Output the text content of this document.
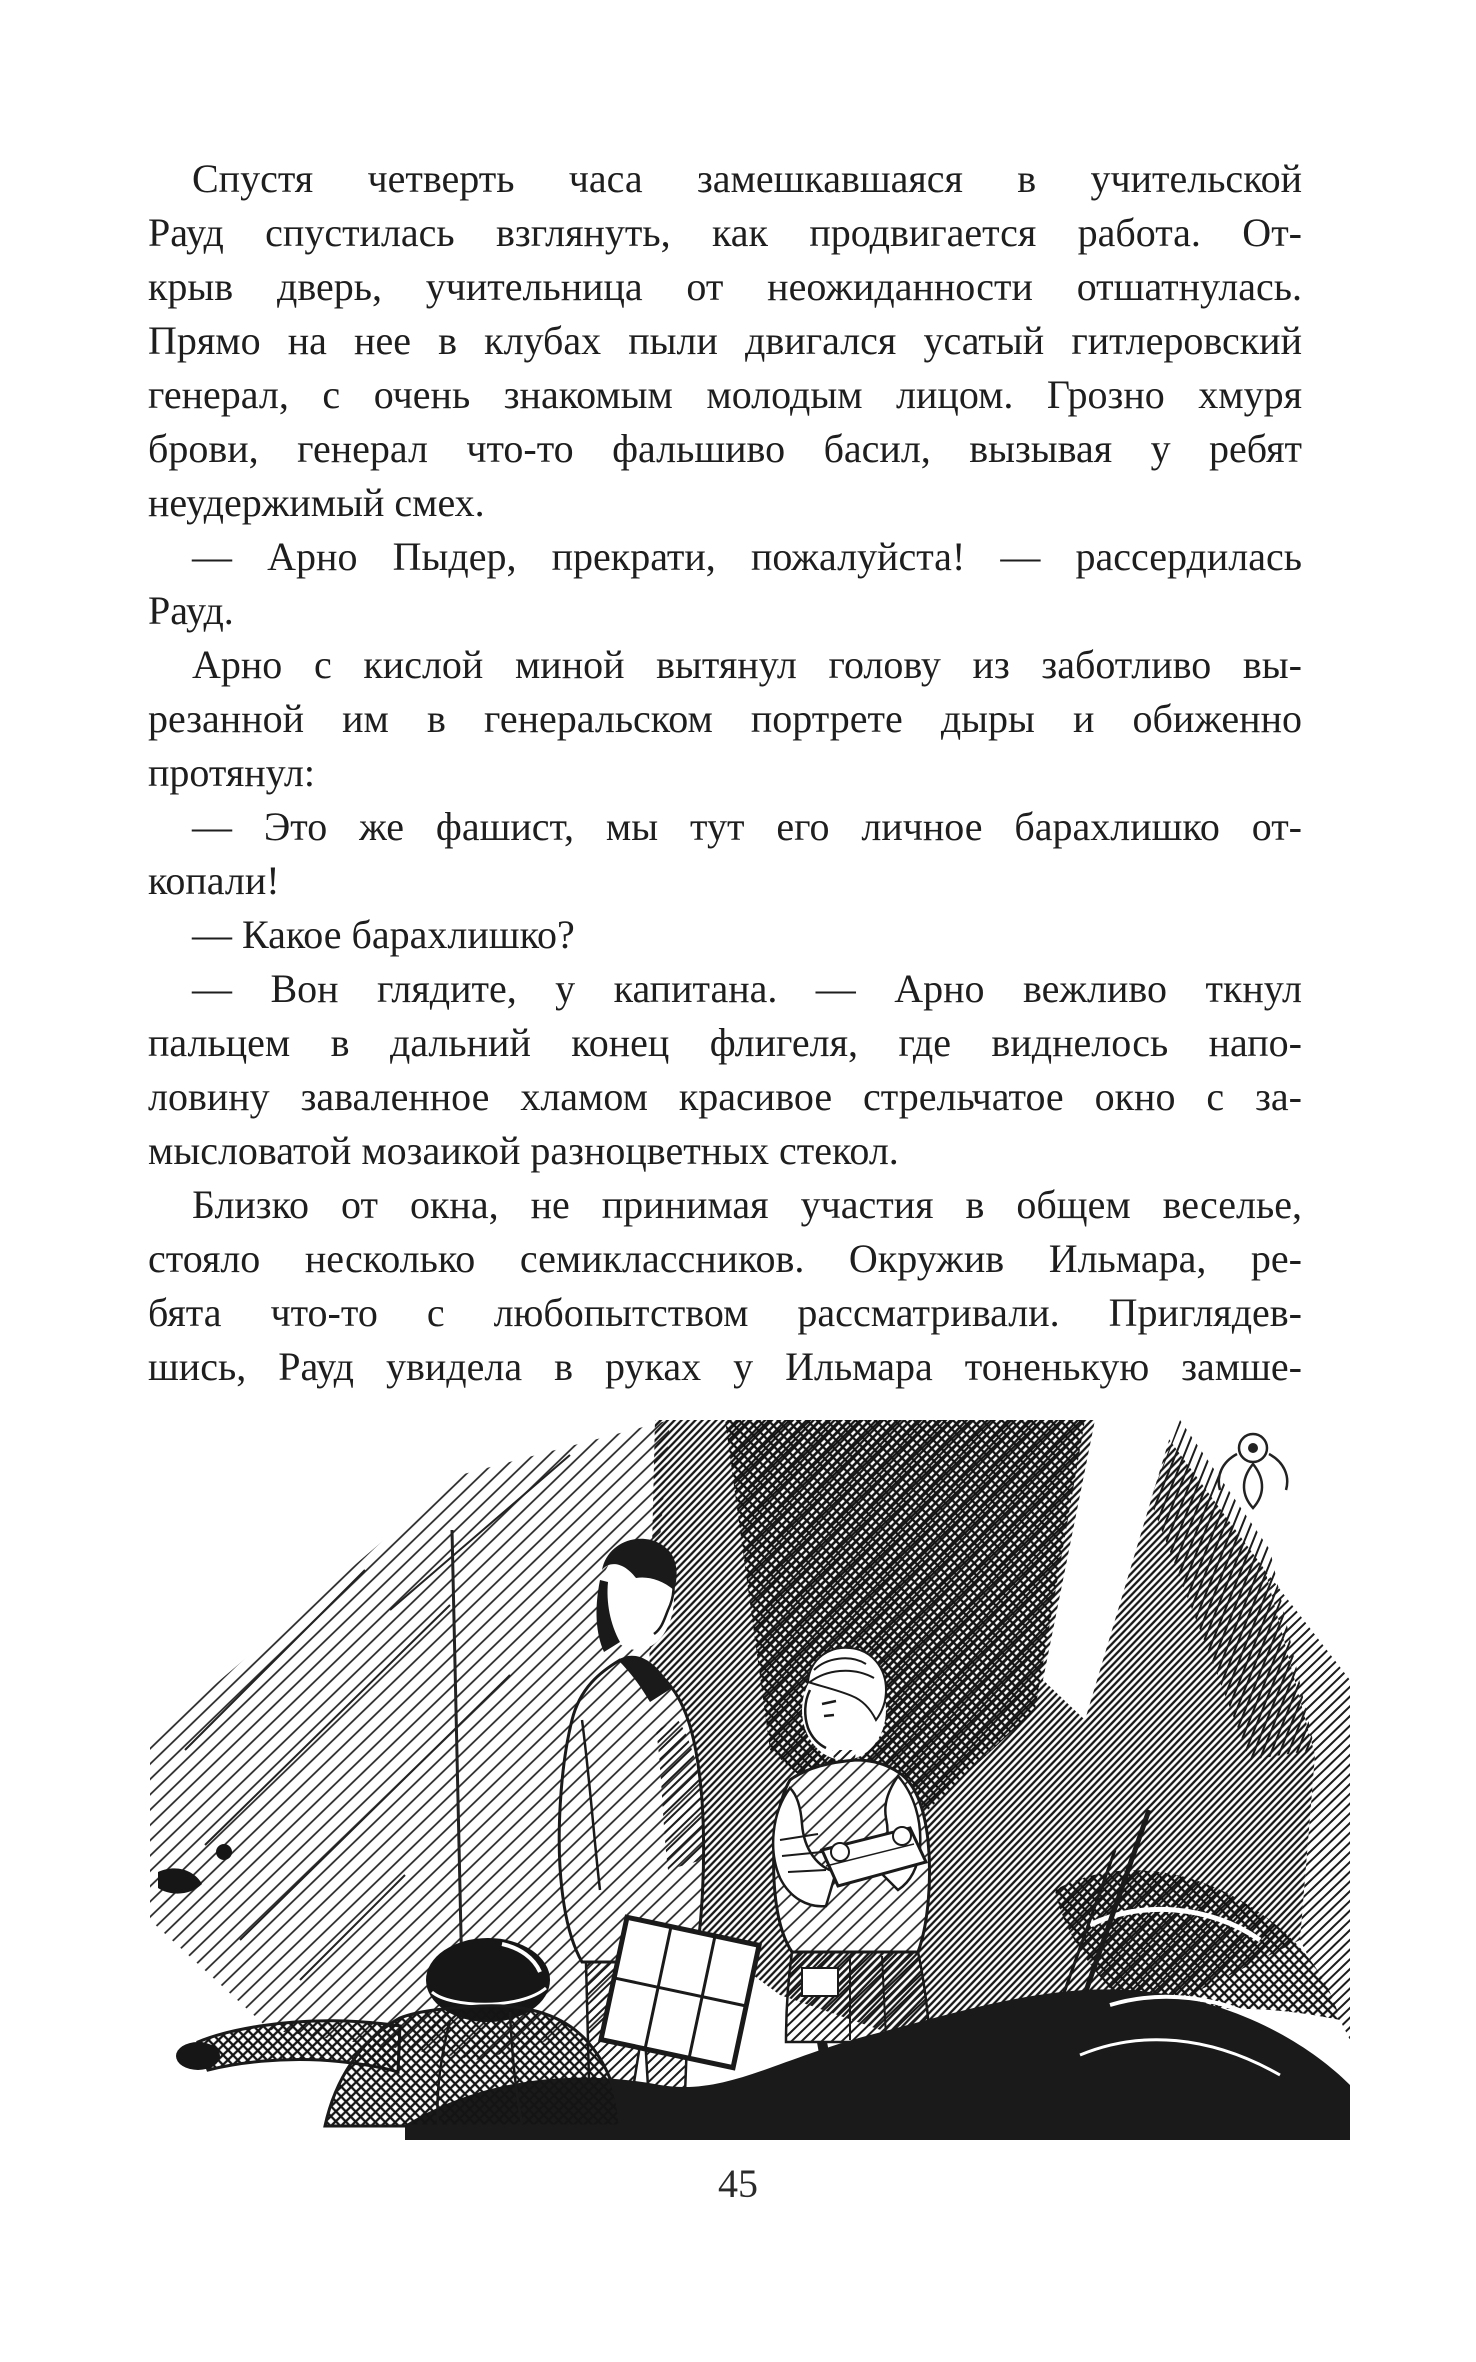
Спустя четверть часа замешкавшаяся в учительской
Рауд спустилась взглянуть, как продвигается работа. От-
крыв дверь, учительница от неожиданности отшатнулась.
Прямо на нее в клубах пыли двигался усатый гитлеровский
генерал, с очень знакомым молодым лицом. Грозно хмуря
брови, генерал что-то фальшиво басил, вызывая у ребят
неудержимый смех.
— Арно Пыдер, прекрати, пожалуйста! — рассердилась
Рауд.
Арно с кислой миной вытянул голову из заботливо вы-
резанной им в генеральском портрете дыры и обиженно
протянул:
— Это же фашист, мы тут его личное барахлишко от-
копали!
— Какое барахлишко?
— Вон глядите, у капитана. — Арно вежливо ткнул
пальцем в дальний конец флигеля, где виднелось напо-
ловину заваленное хламом красивое стрельчатое окно с за-
мысловатой мозаикой разноцветных стекол.
Близко от окна, не принимая участия в общем веселье,
стояло несколько семиклассников. Окружив Ильмара, ре-
бята что-то с любопытством рассматривали. Приглядев-
шись, Рауд увидела в руках у Ильмара тоненькую замше-
45
